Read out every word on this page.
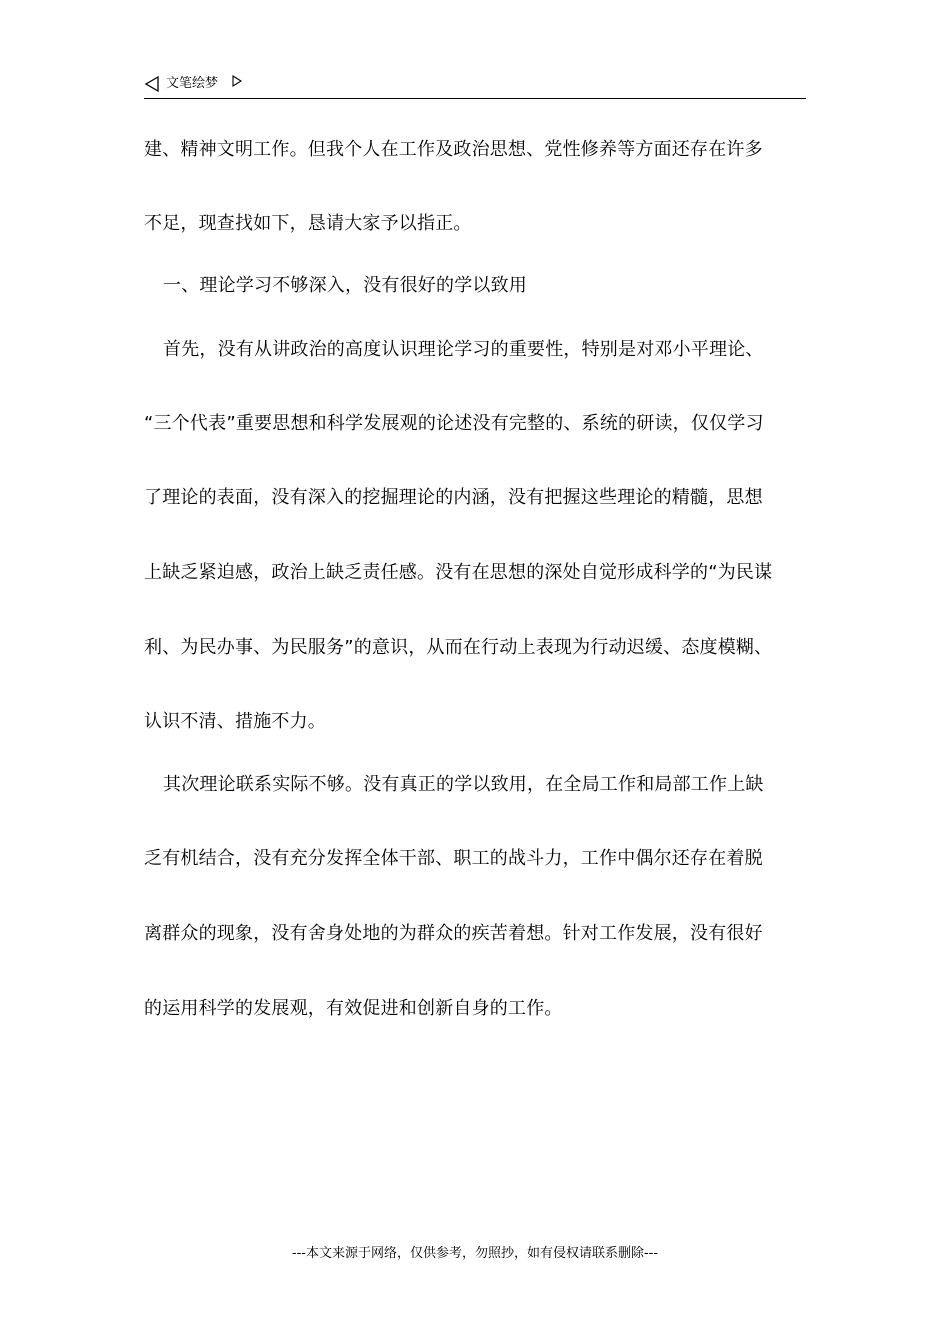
文笔绘梦
建、精神文明工作。但我个人在工作及政治思想、党性修养等方面还存在许多
不足，现查找如下，恳请大家予以指正。
一、理论学习不够深入，没有很好的学以致用
首先，没有从讲政治的高度认识理论学习的重要性，特别是对邓小平理论、
“三个代表”重要思想和科学发展观的论述没有完整的、系统的研读，仅仅学习
了理论的表面，没有深入的挖掘理论的内涵，没有把握这些理论的精髓，思想
上缺乏紧迫感，政治上缺乏责任感。没有在思想的深处自觉形成科学的“为民谋
利、为民办事、为民服务”的意识，从而在行动上表现为行动迟缓、态度模糊、
认识不清、措施不力。
其次理论联系实际不够。没有真正的学以致用，在全局工作和局部工作上缺
乏有机结合，没有充分发挥全体干部、职工的战斗力，工作中偶尔还存在着脱
离群众的现象，没有舍身处地的为群众的疾苦着想。针对工作发展，没有很好
的运用科学的发展观，有效促进和创新自身的工作。
---本文来源于网络，仅供参考，勿照抄，如有侵权请联系删除---
